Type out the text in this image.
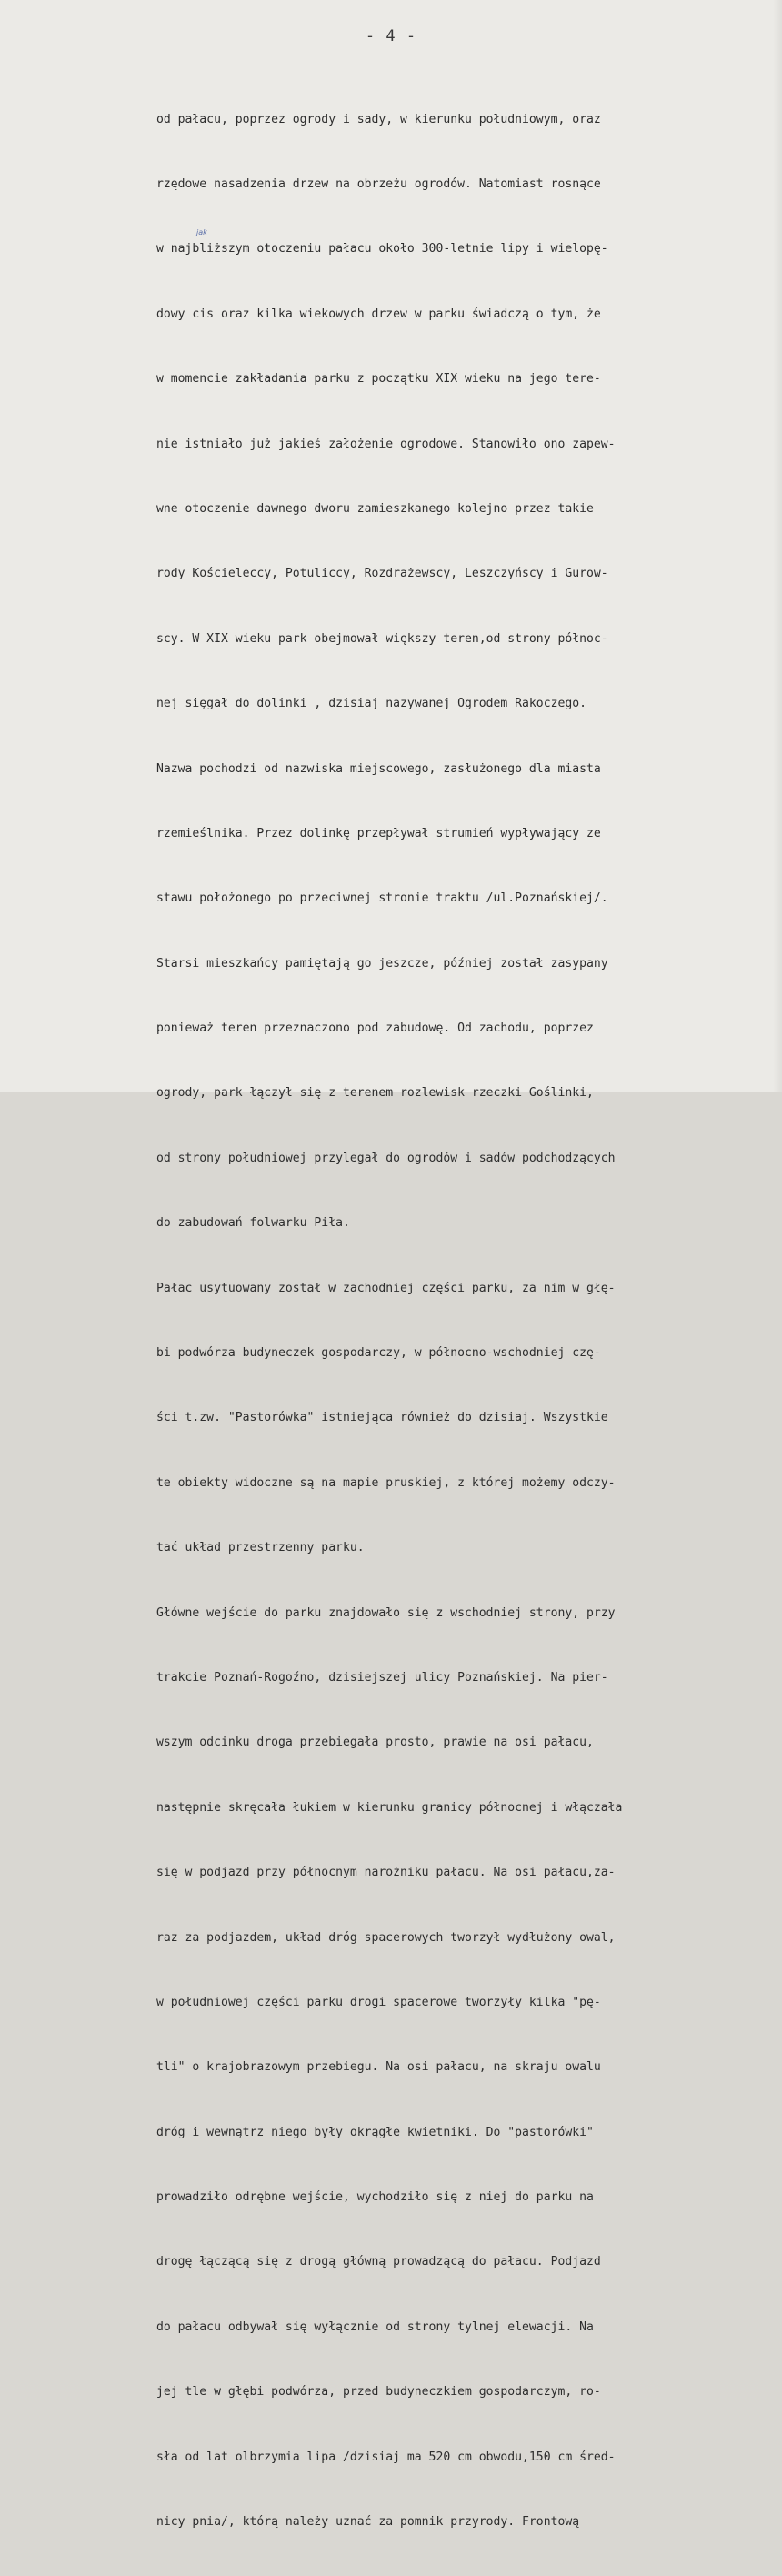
- 4 -
jak

od pałacu, poprzez ogrody i sady, w kierunku południowym, oraz

rzędowe nasadzenia drzew na obrzeżu ogrodów. Natomiast rosnące

w najbliższym otoczeniu pałacu około 300-letnie lipy i wielopę-

dowy cis oraz kilka wiekowych drzew w parku świadczą o tym, że

w momencie zakładania parku z początku XIX wieku na jego tere-

nie istniało już jakieś założenie ogrodowe. Stanowiło ono zapew-

wne otoczenie dawnego dworu zamieszkanego kolejno przez takie

rody Kościeleccy, Potuliccy, Rozdrażewscy, Leszczyńscy i Gurow-

scy. W XIX wieku park obejmował większy teren,od strony północ-

nej sięgał do dolinki , dzisiaj nazywanej Ogrodem Rakoczego.

Nazwa pochodzi od nazwiska miejscowego, zasłużonego dla miasta

rzemieślnika. Przez dolinkę przepływał strumień wypływający ze

stawu położonego po przeciwnej stronie traktu /ul.Poznańskiej/.

Starsi mieszkańcy pamiętają go jeszcze, później został zasypany

ponieważ teren przeznaczono pod zabudowę. Od zachodu, poprzez

ogrody, park łączył się z terenem rozlewisk rzeczki Goślinki,

od strony południowej przylegał do ogrodów i sadów podchodzących

do zabudowań folwarku Piła.

Pałac usytuowany został w zachodniej części parku, za nim w głę-

bi podwórza budyneczek gospodarczy, w północno-wschodniej czę-

ści t.zw. "Pastorówka" istniejąca również do dzisiaj. Wszystkie

te obiekty widoczne są na mapie pruskiej, z której możemy odczy-

tać układ przestrzenny parku.

Główne wejście do parku znajdowało się z wschodniej strony, przy

trakcie Poznań-Rogoźno, dzisiejszej ulicy Poznańskiej. Na pier-

wszym odcinku droga przebiegała prosto, prawie na osi pałacu,

następnie skręcała łukiem w kierunku granicy północnej i włączała

się w podjazd przy północnym narożniku pałacu. Na osi pałacu,za-

raz za podjazdem, układ dróg spacerowych tworzył wydłużony owal,

w południowej części parku drogi spacerowe tworzyły kilka "pę-

tli" o krajobrazowym przebiegu. Na osi pałacu, na skraju owalu

dróg i wewnątrz niego były okrągłe kwietniki. Do "pastorówki"

prowadziło odrębne wejście, wychodziło się z niej do parku na

drogę łączącą się z drogą główną prowadzącą do pałacu. Podjazd

do pałacu odbywał się wyłącznie od strony tylnej elewacji. Na

jej tle w głębi podwórza, przed budyneczkiem gospodarczym, ro-

sła od lat olbrzymia lipa /dzisiaj ma 520 cm obwodu,150 cm śred-

nicy pnia/, którą należy uznać za pomnik przyrody. Frontową
